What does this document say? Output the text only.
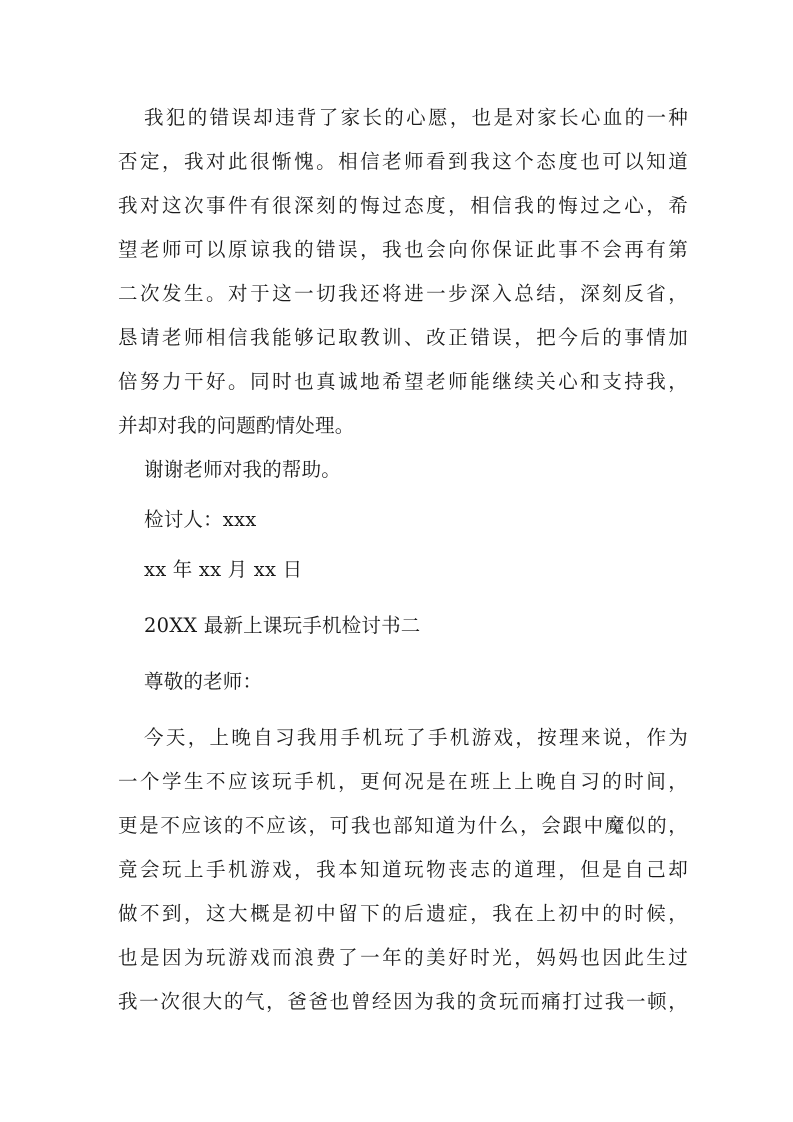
我犯的错误却违背了家长的心愿，也是对家长心血的一种
否定，我对此很惭愧。相信老师看到我这个态度也可以知道
我对这次事件有很深刻的悔过态度，相信我的悔过之心，希
望老师可以原谅我的错误，我也会向你保证此事不会再有第
二次发生。对于这一切我还将进一步深入总结，深刻反省，
恳请老师相信我能够记取教训、改正错误，把今后的事情加
倍努力干好。同时也真诚地希望老师能继续关心和支持我，
并却对我的问题酌情处理。
谢谢老师对我的帮助。
检讨人：xxx
xx 年 xx 月 xx 日
20XX 最新上课玩手机检讨书二
尊敬的老师：
今天，上晚自习我用手机玩了手机游戏，按理来说，作为
一个学生不应该玩手机，更何况是在班上上晚自习的时间，
更是不应该的不应该，可我也部知道为什么，会跟中魔似的，
竟会玩上手机游戏，我本知道玩物丧志的道理，但是自己却
做不到，这大概是初中留下的后遗症，我在上初中的时候，
也是因为玩游戏而浪费了一年的美好时光，妈妈也因此生过
我一次很大的气，爸爸也曾经因为我的贪玩而痛打过我一顿，
